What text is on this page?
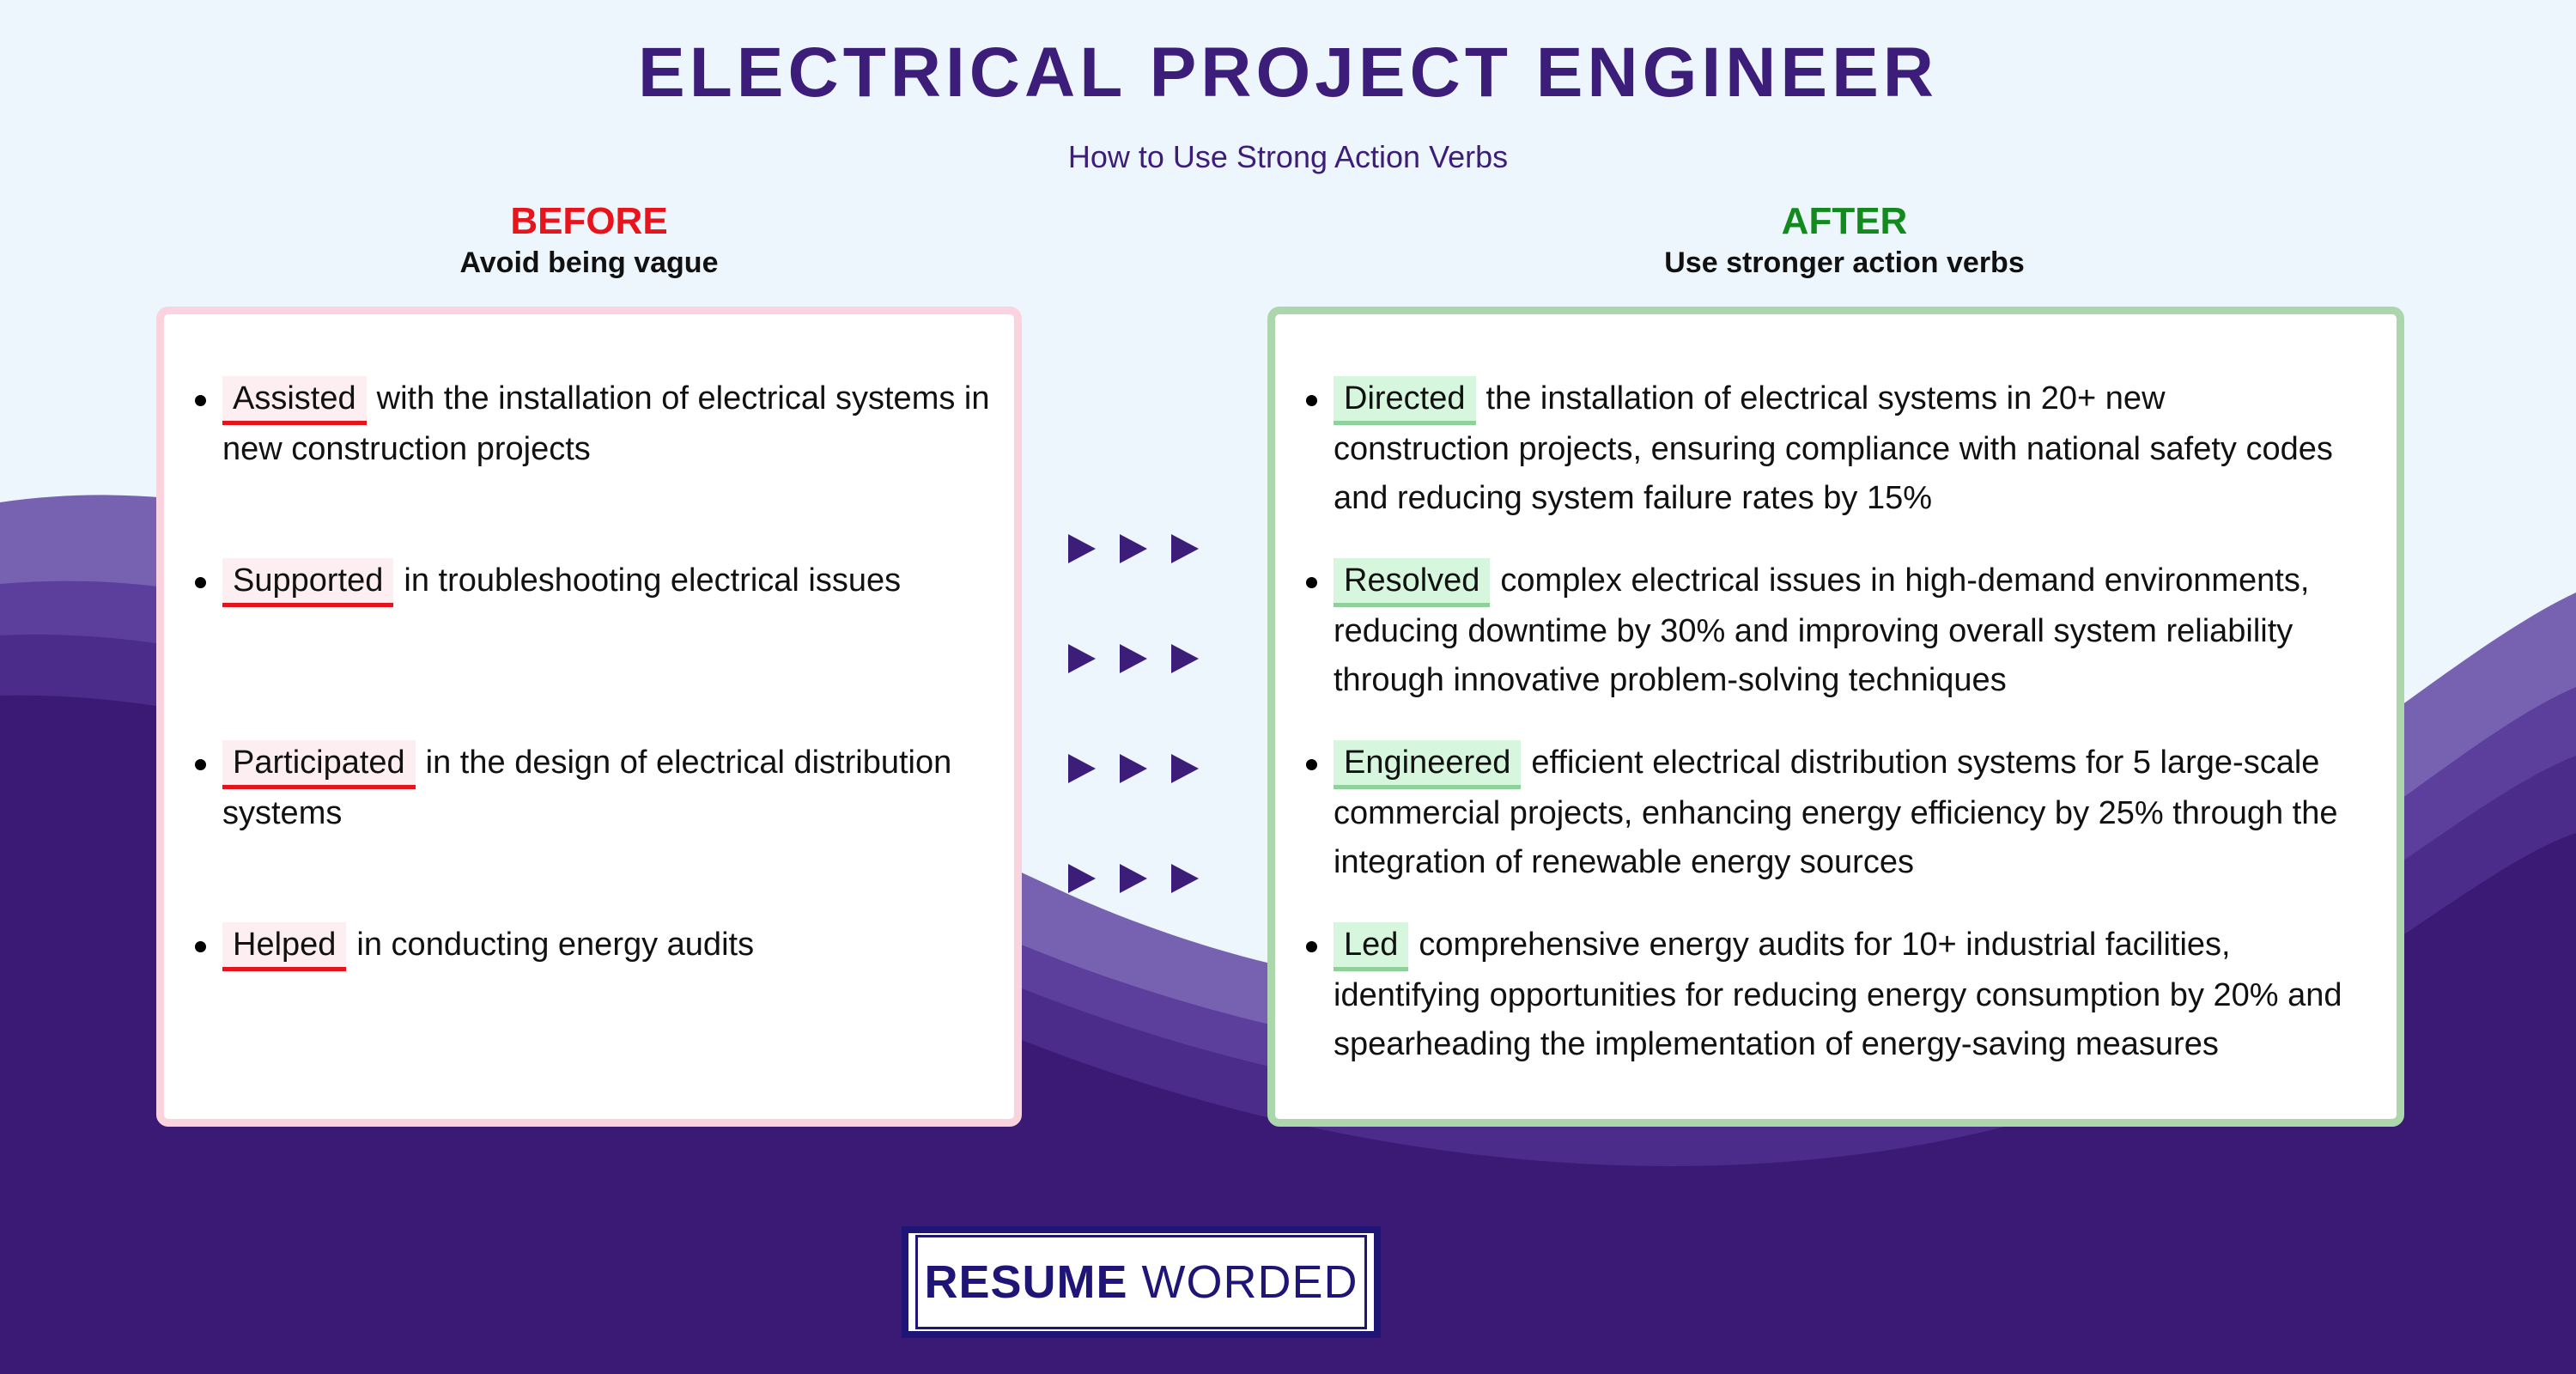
ELECTRICAL PROJECT ENGINEER
How to Use Strong Action Verbs
BEFORE
Avoid being vague
AFTER
Use stronger action verbs
Assisted with the installation of electrical systems in new construction projects
Supported in troubleshooting electrical issues
Participated in the design of electrical distribution systems
Helped in conducting energy audits
Directed the installation of electrical systems in 20+ new construction projects, ensuring compliance with national safety codes and reducing system failure rates by 15%
Resolved complex electrical issues in high-demand environments, reducing downtime by 30% and improving overall system reliability through innovative problem-solving techniques
Engineered efficient electrical distribution systems for 5 large-scale commercial projects, enhancing energy efficiency by 25% through the integration of renewable energy sources
Led comprehensive energy audits for 10+ industrial facilities, identifying opportunities for reducing energy consumption by 20% and spearheading the implementation of energy-saving measures
RESUME WORDED
